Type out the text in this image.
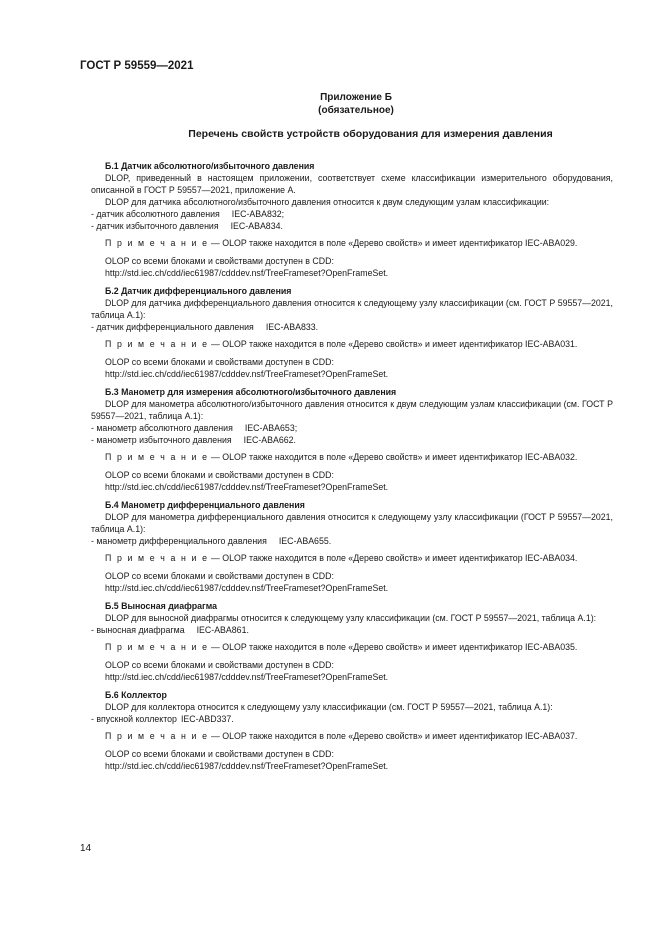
ГОСТ Р 59559—2021
Приложение Б
(обязательное)
Перечень свойств устройств оборудования для измерения давления

Б.1 Датчик абсолютного/избыточного давления

DLOP, приведенный в настоящем приложении, соответствует схеме классификации измерительного оборудования, описанной в ГОСТ Р 59557—2021, приложение А.

DLOP для датчика абсолютного/избыточного давления относится к двум следующим узлам классификации:

- датчик абсолютного давления IEC-ABA832;

- датчик избыточного давления IEC-ABA834.

П р и м е ч а н и е — OLOP также находится в поле «Дерево свойств» и имеет идентификатор IEC-ABA029.

OLOP со всеми блоками и свойствами доступен в CDD:
http://std.iec.ch/cdd/iec61987/cdddev.nsf/TreeFrameset?OpenFrameSet.

Б.2 Датчик дифференциального давления

DLOP для датчика дифференциального давления относится к следующему узлу классификации (см. ГОСТ Р 59557—2021, таблица А.1):

- датчик дифференциального давления IEC-ABA833.

П р и м е ч а н и е — OLOP также находится в поле «Дерево свойств» и имеет идентификатор IEC-ABA031.

OLOP со всеми блоками и свойствами доступен в CDD:
http://std.iec.ch/cdd/iec61987/cdddev.nsf/TreeFrameset?OpenFrameSet.

Б.3 Манометр для измерения абсолютного/избыточного давления

DLOP для манометра абсолютного/избыточного давления относится к двум следующим узлам классификации (см. ГОСТ Р 59557—2021, таблица А.1):

- манометр абсолютного давления IEC-ABA653;

- манометр избыточного давления IEC-ABA662.

П р и м е ч а н и е — OLOP также находится в поле «Дерево свойств» и имеет идентификатор IEC-ABA032.

OLOP со всеми блоками и свойствами доступен в CDD:
http://std.iec.ch/cdd/iec61987/cdddev.nsf/TreeFrameset?OpenFrameSet.

Б.4 Манометр дифференциального давления

DLOP для манометра дифференциального давления относится к следующему узлу классификации (ГОСТ Р 59557—2021, таблица А.1):

- манометр дифференциального давления IEC-ABA655.

П р и м е ч а н и е — OLOP также находится в поле «Дерево свойств» и имеет идентификатор IEC-ABA034.

OLOP со всеми блоками и свойствами доступен в CDD:
http://std.iec.ch/cdd/iec61987/cdddev.nsf/TreeFrameset?OpenFrameSet.

Б.5 Выносная диафрагма

DLOP для выносной диафрагмы относится к следующему узлу классификации (см. ГОСТ Р 59557—2021, таблица А.1):

- выносная диафрагма IEC-ABA861.

П р и м е ч а н и е — OLOP также находится в поле «Дерево свойств» и имеет идентификатор IEC-ABA035.

OLOP со всеми блоками и свойствами доступен в CDD:
http://std.iec.ch/cdd/iec61987/cdddev.nsf/TreeFrameset?OpenFrameSet.

Б.6 Коллектор

DLOP для коллектора относится к следующему узлу классификации (см. ГОСТ Р 59557—2021, таблица А.1):

- впускной коллектор IEC-ABD337.

П р и м е ч а н и е — OLOP также находится в поле «Дерево свойств» и имеет идентификатор IEC-ABA037.

OLOP со всеми блоками и свойствами доступен в CDD:
http://std.iec.ch/cdd/iec61987/cdddev.nsf/TreeFrameset?OpenFrameSet.

14
